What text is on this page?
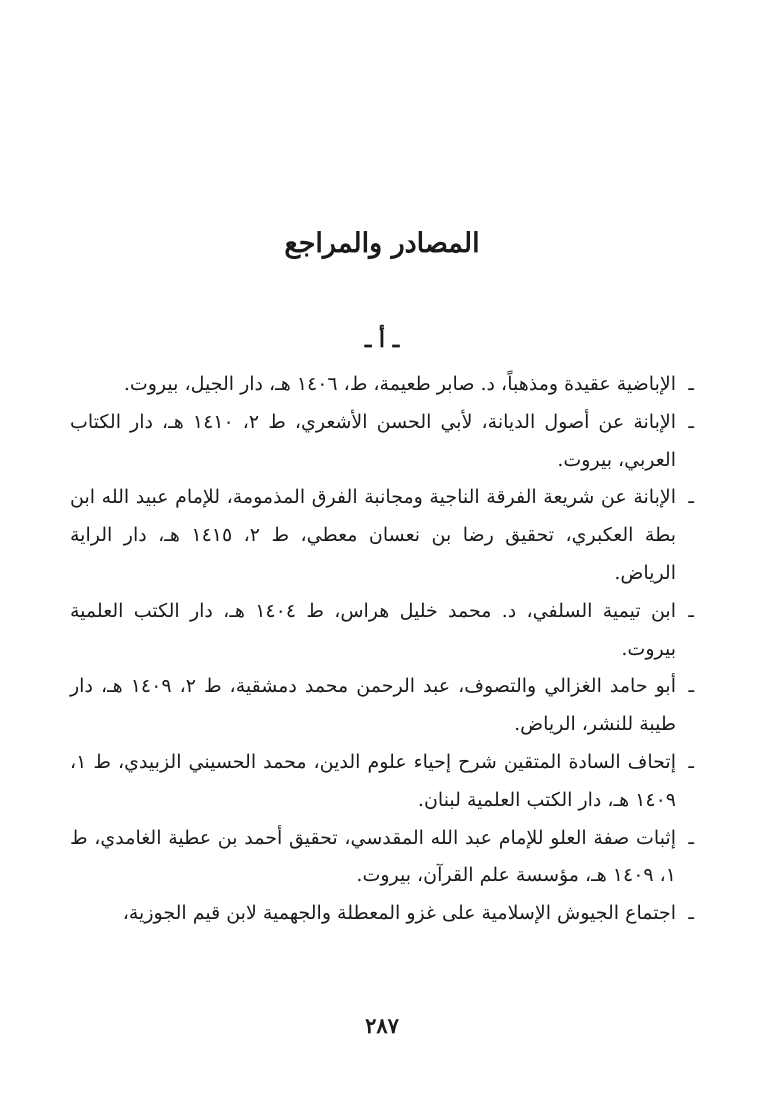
المصادر والمراجع
ـ أ ـ
ـالإباضية عقيدة ومذهباً، د. صابر طعيمة، ط، ١٤٠٦ هـ، دار الجيل، بيروت.
ـالإبانة عن أصول الديانة، لأبي الحسن الأشعري، ط ٢، ١٤١٠ هـ، دار الكتاب العربي، بيروت.
ـالإبانة عن شريعة الفرقة الناجية ومجانبة الفرق المذمومة، للإمام عبيد الله ابن بطة العكبري، تحقيق رضا بن نعسان معطي، ط ٢، ١٤١٥ هـ، دار الراية الرياض.
ـابن تيمية السلفي، د. محمد خليل هراس، ط ١٤٠٤ هـ، دار الكتب العلمية بيروت.
ـأبو حامد الغزالي والتصوف، عبد الرحمن محمد دمشقية، ط ٢، ١٤٠٩ هـ، دار طيبة للنشر، الرياض.
ـإتحاف السادة المتقين شرح إحياء علوم الدين، محمد الحسيني الزبيدي، ط ١، ١٤٠٩ هـ، دار الكتب العلمية لبنان.
ـإثبات صفة العلو للإمام عبد الله المقدسي، تحقيق أحمد بن عطية الغامدي، ط ١، ١٤٠٩ هـ، مؤسسة علم القرآن، بيروت.
ـاجتماع الجيوش الإسلامية على غزو المعطلة والجهمية لابن قيم الجوزية،
٢٨٧
